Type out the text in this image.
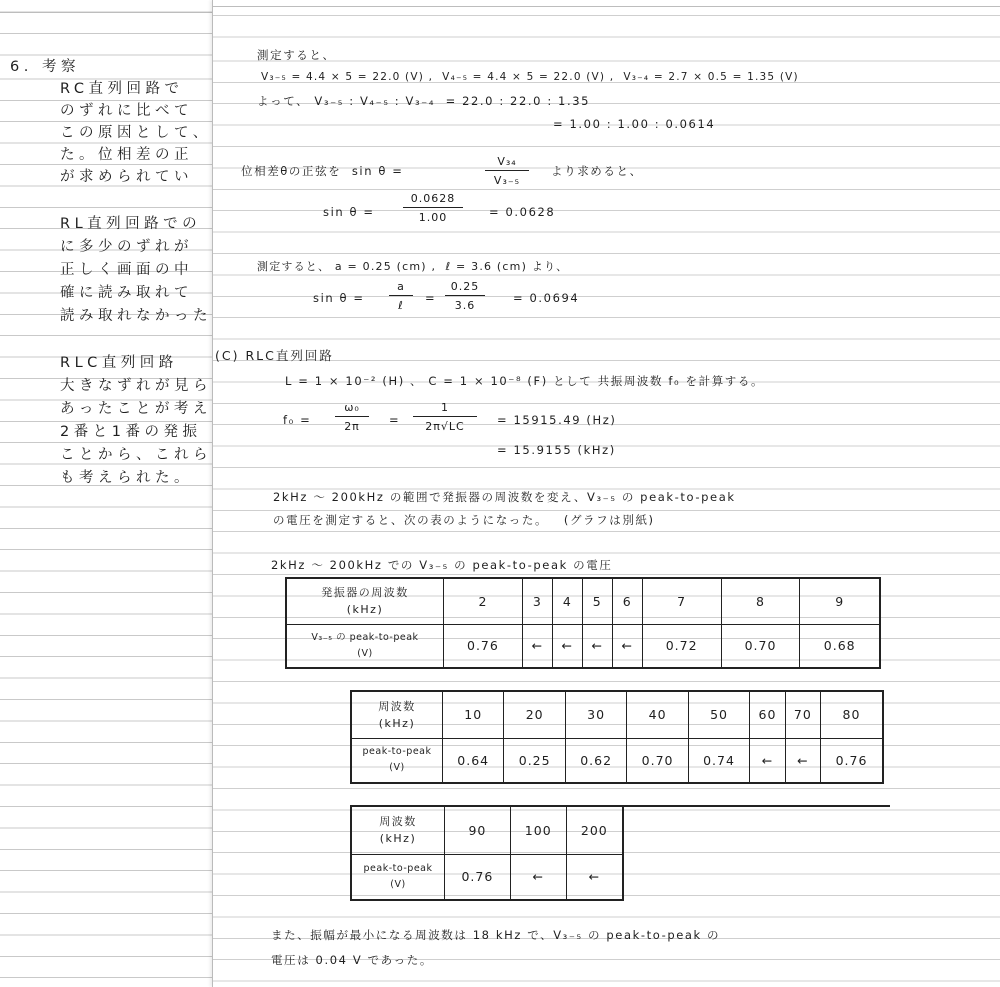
6. 考察
RC直列回路で
のずれに比べて
この原因として、
た。位相差の正
が求められてい
RL直列回路での
に多少のずれが
正しく画面の中
確に読み取れて
読み取れなかった
RLC直列回路
大きなずれが見ら
あったことが考え
2番と1番の発振
ことから、これら
も考えられた。
測定すると、
V₃₋₅ = 4.4 × 5 = 22.0 (V) ,  V₄₋₅ = 4.4 × 5 = 22.0 (V) ,  V₃₋₄ = 2.7 × 0.5 = 1.35 (V)
よって、 V₃₋₅ : V₄₋₅ : V₃₋₄  = 22.0 : 22.0 : 1.35
= 1.00 : 1.00 : 0.0614
位相差θの正弦を  sin θ =	$\frac{\text{V₃₄}}{\text{V₃₋₅}}$ より求めると、
sin θ =	$\frac{0.0628}{1.00} = 0.0628$
測定すると、 a = 0.25 (cm) ,  ℓ = 3.6 (cm) より、
sin θ =
a
ℓ
= $\frac{0.25}{3.6} = 0.0694$
(C) RLC直列回路
L = 1 × 10⁻² (H) 、 C = 1 × 10⁻⁸ (F) として 共振周波数 f₀ を計算する。
$f_0 = \frac{\text{ω₀}}{2\pi} = \frac{1}{2\pi√LC} = 15915.49$ (Hz)
= 15.9155 (kHz)
2kHz 〜 200kHz の範囲で発振器の周波数を変え、V₃₋₅ の peak-to-peak
の電圧を測定すると、次の表のようになった。   (グラフは別紙)
2kHz 〜 200kHz での V₃₋₅ の peak-to-peak の電圧
発振器の周波数
(kHz)	2	3	4	5	6	7	8	9
V₃₋₅ の peak-to-peak
(V)	0.76	←	←	←	←	0.72	0.70	0.68
周波数
(kHz)	10	20	30	40	50	60	70	80
peak-to-peak
(V)	0.64	0.25	0.62	0.70	0.74	←	←	0.76
周波数
(kHz)	90	100	200
peak-to-peak
(V)	0.76	←	←
また、振幅が最小になる周波数は 18 kHz で、V₃₋₅ の peak-to-peak の
電圧は 0.04 V であった。
